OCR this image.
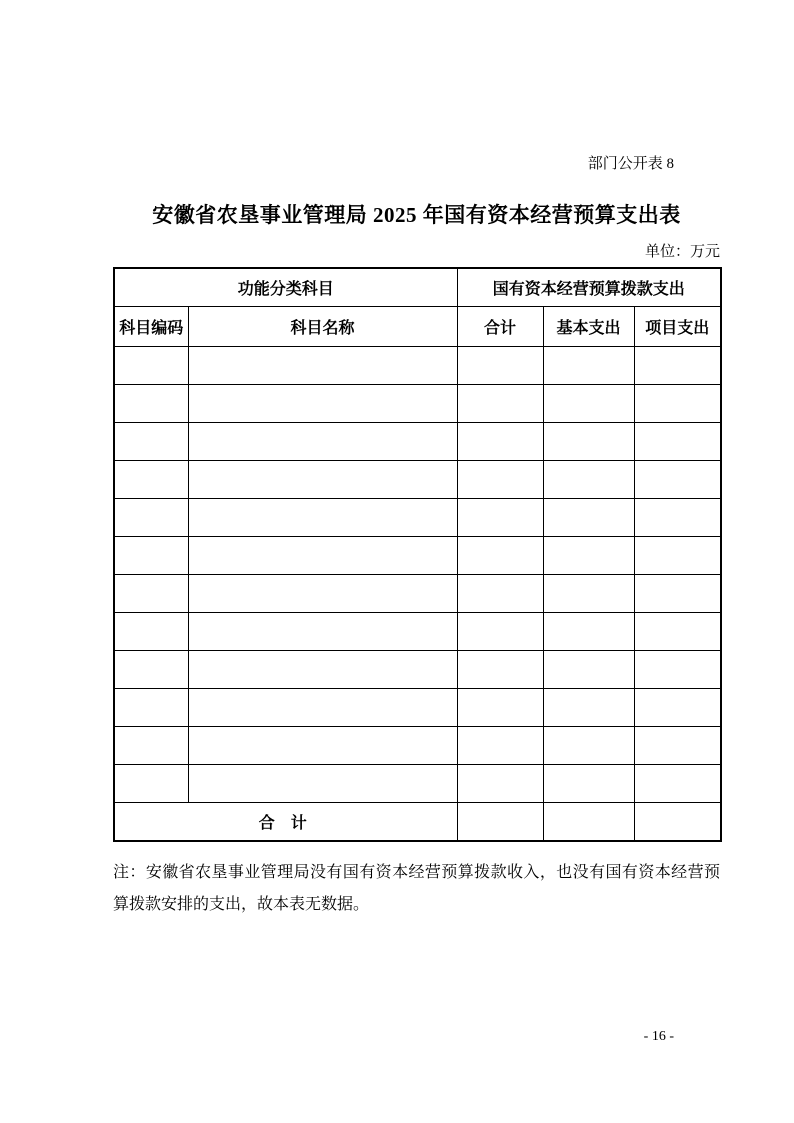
部门公开表 8
安徽省农垦事业管理局 2025 年国有资本经营预算支出表
单位：万元
功能分类科目		国有资本经营预算拨款支出		
科目编码	科目名称	合计	基本支出	项目支出

合 计				
注：安徽省农垦事业管理局没有国有资本经营预算拨款收入，也没有国有资本经营预
算拨款安排的支出，故本表无数据。
- 16 -
